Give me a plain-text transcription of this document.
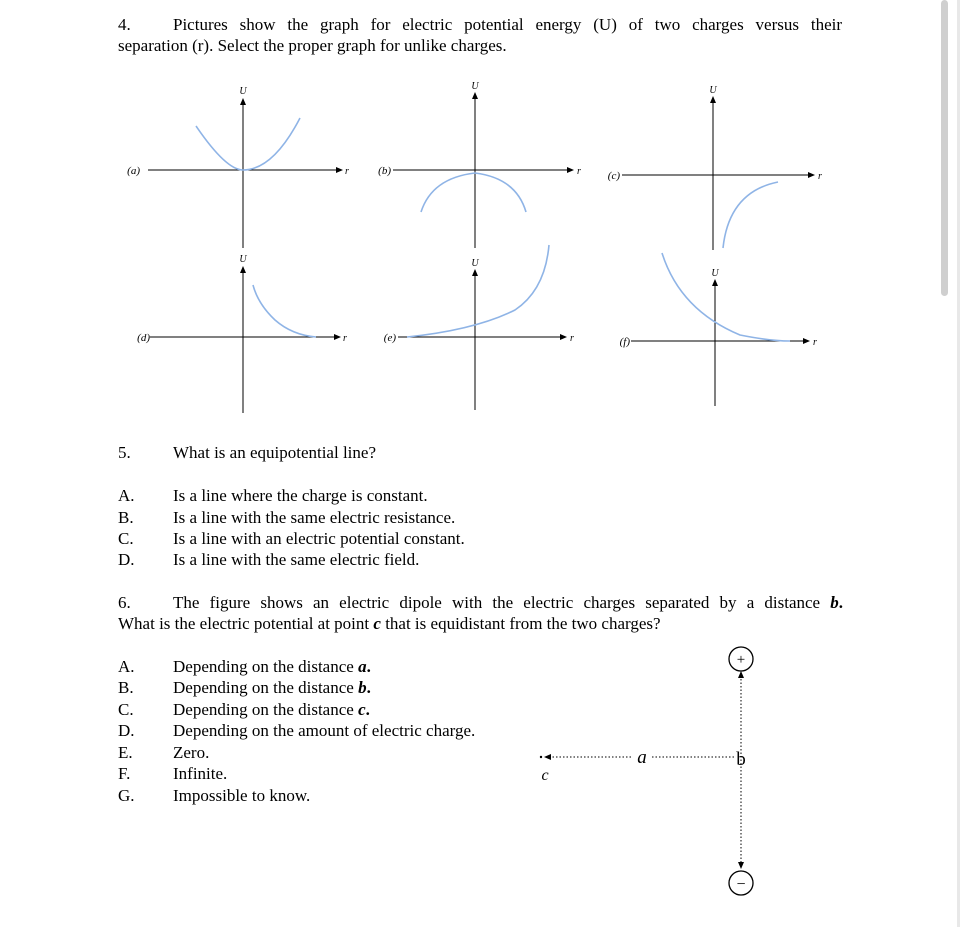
4. Pictures show the graph for electric potential energy (U) of two charges versus their
separation (r). Select the proper graph for unlike charges.
U
r
(a)
U
r
(b)
U
r
(c)
U
r
(d)
U
r
(e)
U
r
(f)
5. What is an equipotential line?
A. Is a line where the charge is constant.
B. Is a line with the same electric resistance.
C. Is a line with an electric potential constant.
D. Is a line with the same electric field.
6. The figure shows an electric dipole with the electric charges separated by a distance b.
What is the electric potential at point c that is equidistant from the two charges?
A. Depending on the distance a.
B. Depending on the distance b.
C. Depending on the distance c.
D. Depending on the amount of electric charge.
E. Zero.
F.	Infinite.
G. Impossible to know.
+
−
a	b
c
